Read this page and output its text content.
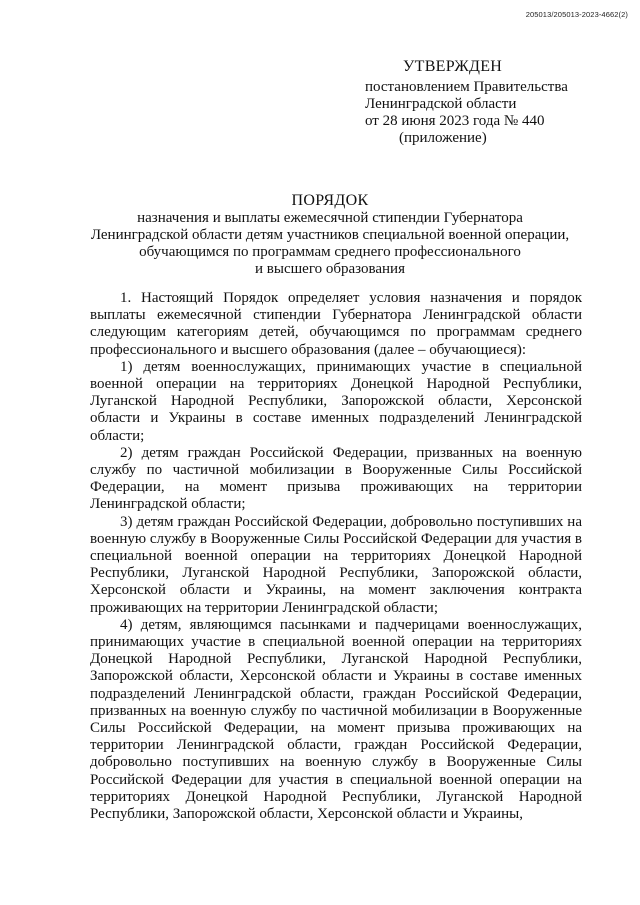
205013/205013-2023-4662(2)
УТВЕРЖДЕН
постановлением Правительства
Ленинградской области
от 28 июня 2023 года № 440
(приложение)
ПОРЯДОК
назначения и выплаты ежемесячной стипендии Губернатора
Ленинградской области детям участников специальной военной операции,
обучающимся по программам среднего профессионального
и высшего образования

1. Настоящий Порядок определяет условия назначения и порядок выплаты ежемесячной стипендии Губернатора Ленинградской области следующим категориям детей, обучающимся по программам среднего профессионального и высшего образования (далее – обучающиеся):

1) детям военнослужащих, принимающих участие в специальной военной операции на территориях Донецкой Народной Республики, Луганской Народной Республики, Запорожской области, Херсонской области и Украины в составе именных подразделений Ленинградской области;

2) детям граждан Российской Федерации, призванных на военную службу по частичной мобилизации в Вооруженные Силы Российской Федерации, на момент призыва проживающих на территории Ленинградской области;

3) детям граждан Российской Федерации, добровольно поступивших на военную службу в Вооруженные Силы Российской Федерации для участия в специальной военной операции на территориях Донецкой Народной Республики, Луганской Народной Республики, Запорожской области, Херсонской области и Украины, на момент заключения контракта проживающих на территории Ленинградской области;

4) детям, являющимся пасынками и падчерицами военнослужащих, принимающих участие в специальной военной операции на территориях Донецкой Народной Республики, Луганской Народной Республики, Запорожской области, Херсонской области и Украины в составе именных подразделений Ленинградской области, граждан Российской Федерации, призванных на военную службу по частичной мобилизации в Вооруженные Силы Российской Федерации, на момент призыва проживающих на территории Ленинградской области, граждан Российской Федерации, добровольно поступивших на военную службу в Вооруженные Силы Российской Федерации для участия в специальной военной операции на территориях Донецкой Народной Республики, Луганской Народной Республики, Запорожской области, Херсонской области и Украины,
